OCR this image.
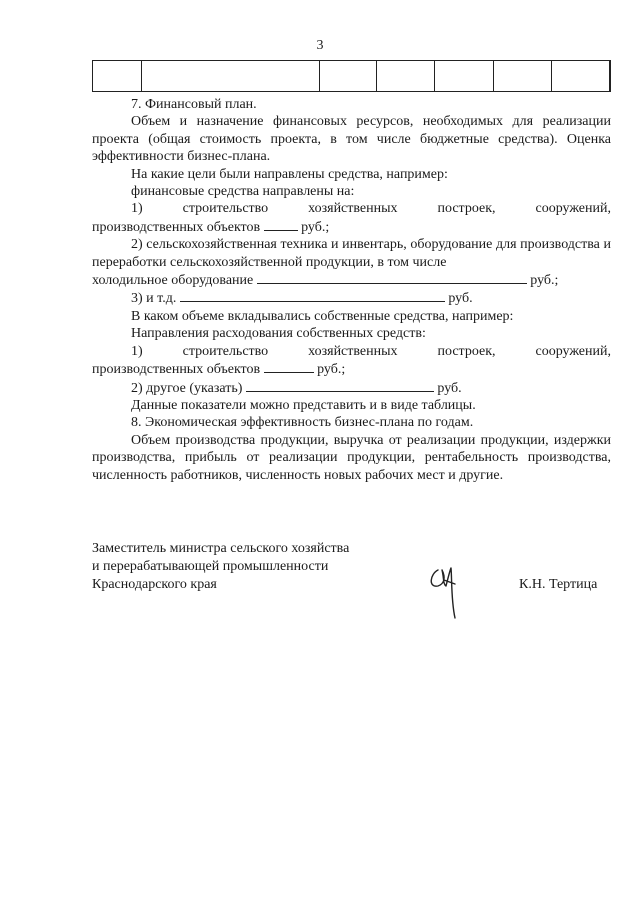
3

7. Финансовый план.

Объем и назначение финансовых ресурсов, необходимых для реализации проекта (общая стоимость проекта, в том числе бюджетные средства). Оценка эффективности бизнес-плана.

На какие цели были направлены средства, например:

финансовые средства направлены на:

1) строительство хозяйственных построек, сооружений,

производственных объектов	руб.;

2) сельскохозяйственная техника и инвентарь, оборудование для производства и переработки сельскохозяйственной продукции, в том числе

холодильное оборудование	руб.;

3) и т.д.	руб.

В каком объеме вкладывались собственные средства, например:

Направления расходования собственных средств:

1) строительство хозяйственных построек, сооружений,

производственных объектов	руб.;

2) другое (указать)	руб.

Данные показатели можно представить и в виде таблицы.

8. Экономическая эффективность бизнес-плана по годам.

Объем производства продукции, выручка от реализации продукции, издержки производства, прибыль от реализации продукции, рентабельность производства, численность работников, численность новых рабочих мест и другие.

Заместитель министра сельского хозяйства
и перерабатывающей промышленности
Краснодарского края	К.Н. Тертица
